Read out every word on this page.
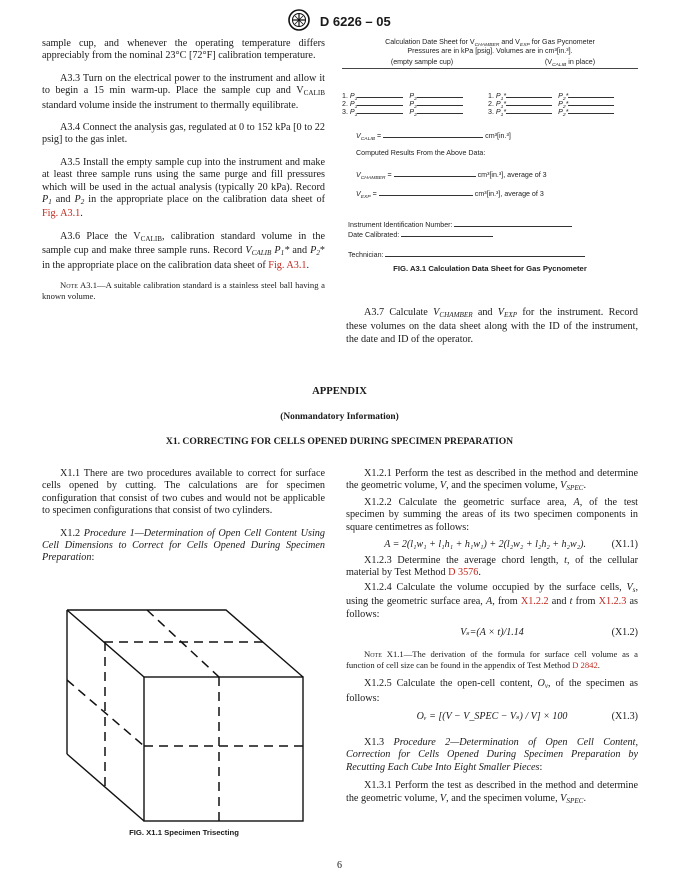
D 6226 – 05

sample cup, and whenever the operating temperature differs appreciably from the nominal 23°C [72°F] calibration temperature.

A3.3 Turn on the electrical power to the instrument and allow it to begin a 15 min warm-up. Place the sample cup and $V_{CALIB}$ standard volume inside the instrument to thermally equilibrate.

A3.4 Connect the analysis gas, regulated at 0 to 152 kPa [0 to 22 psig] to the gas inlet.

A3.5 Install the empty sample cup into the instrument and make at least three sample runs using the same purge and fill pressures which will be used in the actual analysis (typically 20 kPa). Record $P_1$ and $P_2$ in the appropriate place on the calibration data sheet of Fig. A3.1.

A3.6 Place the $V_{CALIB}$, calibration standard volume in the sample cup and make three sample runs. Record $V_{CALIB}$ $P_1*$ and $P_2*$ in the appropriate place on the calibration data sheet of Fig. A3.1.

Note A3.1—A suitable calibration standard is a stainless steel ball having a known volume.

Calculation Date Sheet for $V_{CHAMBER}$ and $V_{EXP}$ for Gas Pycnometer
Pressures are in kPa [psig]. Volumes are in cm³[in.³].
(empty sample cup)	($V_{CALIB}$ in place)
1. $P_1$	$P_2$	1. $P_1*$	$P_2*$
2. $P_1$	$P_2$	2. $P_1*$	$P_2*$
3. $P_1$	$P_2$	3. $P_1*$	$P_2*$
$V_{CALIB}$ =	cm³[in.³]
Computed Results From the Above Data:
$V_{CHAMBER}$ =	cm³[in.³], average of 3
$V_{EXP}$ =	cm³[in.³], average of 3
Instrument Identification Number:
Date Calibrated:
Technician:
FIG. A3.1 Calculation Data Sheet for Gas Pycnometer

A3.7 Calculate $V_{CHAMBER}$ and $V_{EXP}$ for the instrument. Record these volumes on the data sheet along with the ID of the instrument, the date and ID of the operator.

APPENDIX
(Nonmandatory Information)
X1. CORRECTING FOR CELLS OPENED DURING SPECIMEN PREPARATION

X1.1 There are two procedures available to correct for surface cells opened by cutting. The calculations are for specimen configuration that consist of two cubes and would not be applicable to specimen configurations that consist of two cylinders.

X1.2 Procedure 1—Determination of Open Cell Content Using Cell Dimensions to Correct for Cells Opened During Specimen Preparation:

FIG. X1.1 Specimen Trisecting

X1.2.1 Perform the test as described in the method and determine the geometric volume, V, and the specimen volume, $V_{SPEC}$.

X1.2.2 Calculate the geometric surface area, A, of the test specimen by summing the areas of its two specimen components in square centimetres as follows:

A = 2(l₁w₁ + l₁h₁ + h₁w₁) + 2(l₂w₂ + l₂h₂ + h₂w₂).	(X1.1)

X1.2.3 Determine the average chord length, t, of the cellular material by Test Method D 3576.

X1.2.4 Calculate the volume occupied by the surface cells, $V_s$, using the geometric surface area, A, from X1.2.2 and t from X1.2.3 as follows:

Vₛ=(A × t)/1.14	(X1.2)

Note X1.1—The derivation of the formula for surface cell volume as a function of cell size can be found in the appendix of Test Method D 2842.

X1.2.5 Calculate the open-cell content, $O_v$, of the specimen as follows:

Oᵥ = [(V − V_SPEC − Vₛ) / V] × 100	(X1.3)

X1.3 Procedure 2—Determination of Open Cell Content, Correction for Cells Opened During Specimen Preparation by Recutting Each Cube Into Eight Smaller Pieces:

X1.3.1 Perform the test as described in the method and determine the geometric volume, V, and the specimen volume, $V_{SPEC}$.

6
